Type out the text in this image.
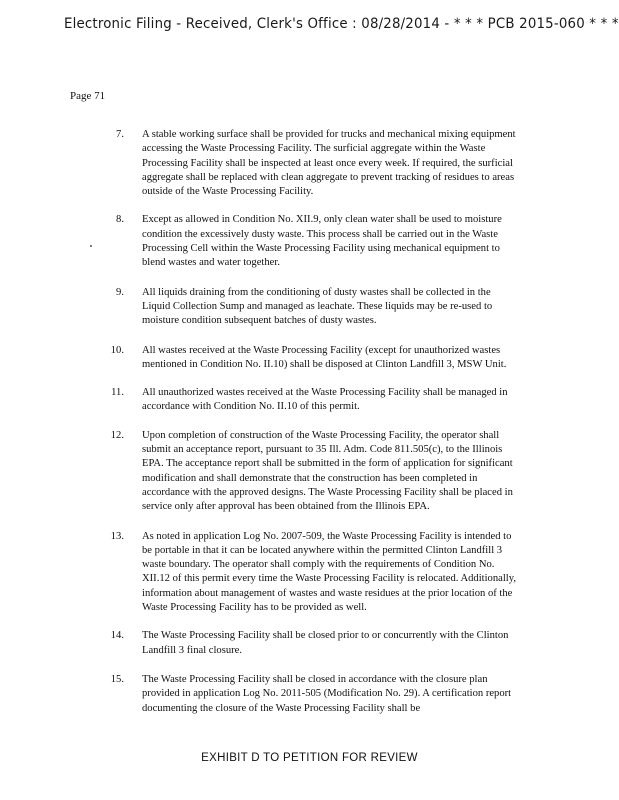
Electronic Filing - Received, Clerk's Office : 08/28/2014 - * * * PCB 2015-060 * * *
Page 71
7. A stable working surface shall be provided for trucks and mechanical mixing equipment accessing the Waste Processing Facility. The surficial aggregate within the Waste Processing Facility shall be inspected at least once every week. If required, the surficial aggregate shall be replaced with clean aggregate to prevent tracking of residues to areas outside of the Waste Processing Facility.
8. Except as allowed in Condition No. XII.9, only clean water shall be used to moisture condition the excessively dusty waste. This process shall be carried out in the Waste Processing Cell within the Waste Processing Facility using mechanical equipment to blend wastes and water together.
9. All liquids draining from the conditioning of dusty wastes shall be collected in the Liquid Collection Sump and managed as leachate. These liquids may be re-used to moisture condition subsequent batches of dusty wastes.
10. All wastes received at the Waste Processing Facility (except for unauthorized wastes mentioned in Condition No. II.10) shall be disposed at Clinton Landfill 3, MSW Unit.
11. All unauthorized wastes received at the Waste Processing Facility shall be managed in accordance with Condition No. II.10 of this permit.
12. Upon completion of construction of the Waste Processing Facility, the operator shall submit an acceptance report, pursuant to 35 Ill. Adm. Code 811.505(c), to the Illinois EPA. The acceptance report shall be submitted in the form of application for significant modification and shall demonstrate that the construction has been completed in accordance with the approved designs. The Waste Processing Facility shall be placed in service only after approval has been obtained from the Illinois EPA.
13. As noted in application Log No. 2007-509, the Waste Processing Facility is intended to be portable in that it can be located anywhere within the permitted Clinton Landfill 3 waste boundary. The operator shall comply with the requirements of Condition No. XII.12 of this permit every time the Waste Processing Facility is relocated. Additionally, information about management of wastes and waste residues at the prior location of the Waste Processing Facility has to be provided as well.
14. The Waste Processing Facility shall be closed prior to or concurrently with the Clinton Landfill 3 final closure.
15. The Waste Processing Facility shall be closed in accordance with the closure plan provided in application Log No. 2011-505 (Modification No. 29). A certification report documenting the closure of the Waste Processing Facility shall be
EXHIBIT D TO PETITION FOR REVIEW
